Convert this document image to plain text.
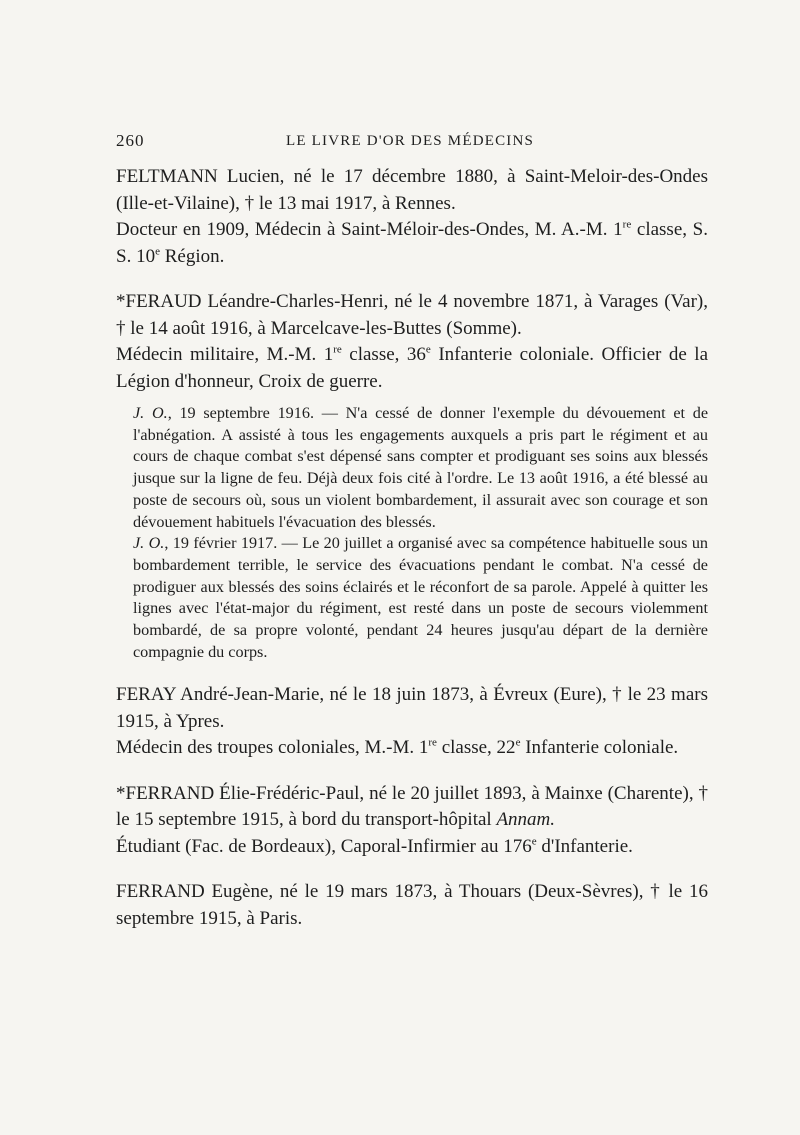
260	LE LIVRE D'OR DES MÉDECINS

FELTMANN Lucien, né le 17 décembre 1880, à Saint-Meloir-des-Ondes (Ille-et-Vilaine), † le 13 mai 1917, à Rennes.

Docteur en 1909, Médecin à Saint-Méloir-des-Ondes, M. A.-M. 1re classe, S. S. 10e Région.

*FERAUD Léandre-Charles-Henri, né le 4 novembre 1871, à Varages (Var), † le 14 août 1916, à Marcelcave-les-Buttes (Somme).

Médecin militaire, M.-M. 1re classe, 36e Infanterie coloniale. Officier de la Légion d'honneur, Croix de guerre.

J. O., 19 septembre 1916. — N'a cessé de donner l'exemple du dévouement et de l'abnégation. A assisté à tous les engagements auxquels a pris part le régiment et au cours de chaque combat s'est dépensé sans compter et prodiguant ses soins aux blessés jusque sur la ligne de feu. Déjà deux fois cité à l'ordre. Le 13 août 1916, a été blessé au poste de secours où, sous un violent bombardement, il assurait avec son courage et son dévouement habituels l'évacuation des blessés.

J. O., 19 février 1917. — Le 20 juillet a organisé avec sa compétence habituelle sous un bombardement terrible, le service des évacuations pendant le combat. N'a cessé de prodiguer aux blessés des soins éclairés et le réconfort de sa parole. Appelé à quitter les lignes avec l'état-major du régiment, est resté dans un poste de secours violemment bombardé, de sa propre volonté, pendant 24 heures jusqu'au départ de la dernière compagnie du corps.

FERAY André-Jean-Marie, né le 18 juin 1873, à Évreux (Eure), † le 23 mars 1915, à Ypres.

Médecin des troupes coloniales, M.-M. 1re classe, 22e Infanterie coloniale.

*FERRAND Élie-Frédéric-Paul, né le 20 juillet 1893, à Mainxe (Charente), † le 15 septembre 1915, à bord du transport-hôpital Annam.

Étudiant (Fac. de Bordeaux), Caporal-Infirmier au 176e d'Infanterie.

FERRAND Eugène, né le 19 mars 1873, à Thouars (Deux-Sèvres), † le 16 septembre 1915, à Paris.
